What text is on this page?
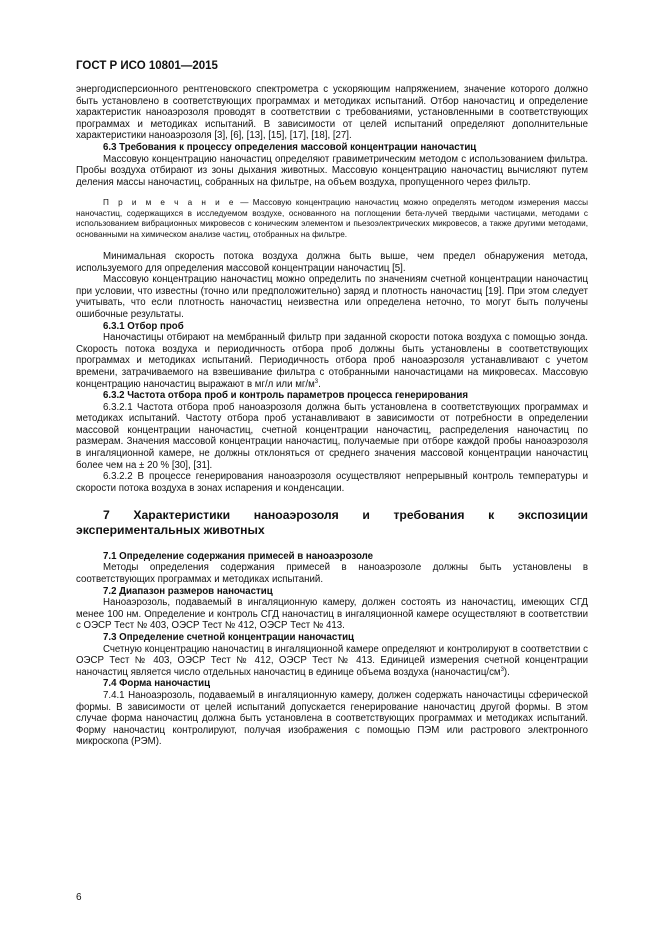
ГОСТ Р ИСО 10801—2015

энергодисперсионного рентгеновского спектрометра с ускоряющим напряжением, значение которого должно быть установлено в соответствующих программах и методиках испытаний. Отбор наночастиц и определение характеристик наноаэрозоля проводят в соответствии с требованиями, установленными в соответствующих программах и методиках испытаний. В зависимости от целей испытаний определяют дополнительные характеристики наноаэрозоля [3], [6], [13], [15], [17], [18], [27].

6.3 Требования к процессу определения массовой концентрации наночастиц

Массовую концентрацию наночастиц определяют гравиметрическим методом с использованием фильтра. Пробы воздуха отбирают из зоны дыхания животных. Массовую концентрацию наночастиц вычисляют путем деления массы наночастиц, собранных на фильтре, на объем воздуха, пропущенного через фильтр.

П р и м е ч а н и е — Массовую концентрацию наночастиц можно определять методом измерения массы наночастиц, содержащихся в исследуемом воздухе, основанного на поглощении бета-лучей твердыми частицами, методами с использованием вибрационных микровесов с коническим элементом и пьезоэлектрических микровесов, а также другими методами, основанными на химическом анализе частиц, отобранных на фильтре.

Минимальная скорость потока воздуха должна быть выше, чем предел обнаружения метода, используемого для определения массовой концентрации наночастиц [5].

Массовую концентрацию наночастиц можно определить по значениям счетной концентрации наночастиц при условии, что известны (точно или предположительно) заряд и плотность наночастиц [19]. При этом следует учитывать, что если плотность наночастиц неизвестна или определена неточно, то могут быть получены ошибочные результаты.

6.3.1 Отбор проб

Наночастицы отбирают на мембранный фильтр при заданной скорости потока воздуха с помощью зонда. Скорость потока воздуха и периодичность отбора проб должны быть установлены в соответствующих программах и методиках испытаний. Периодичность отбора проб наноаэрозоля устанавливают с учетом времени, затрачиваемого на взвешивание фильтра с отобранными наночастицами на микровесах. Массовую концентрацию наночастиц выражают в мг/л или $мг/м^3$.

6.3.2 Частота отбора проб и контроль параметров процесса генерирования

6.3.2.1 Частота отбора проб наноаэрозоля должна быть установлена в соответствующих программах и методиках испытаний. Частоту отбора проб устанавливают в зависимости от потребности в определении массовой концентрации наночастиц, счетной концентрации наночастиц, распределения наночастиц по размерам. Значения массовой концентрации наночастиц, получаемые при отборе каждой пробы наноаэрозоля в ингаляционной камере, не должны отклоняться от среднего значения массовой концентрации наночастиц более чем на ± 20 % [30], [31].

6.3.2.2 В процессе генерирования наноаэрозоля осуществляют непрерывный контроль температуры и скорости потока воздуха в зонах испарения и конденсации.

7 Характеристики наноаэрозоля и требования к экспозиции экспериментальных животных

7.1 Определение содержания примесей в наноаэрозоле

Методы определения содержания примесей в наноаэрозоле должны быть установлены в соответствующих программах и методиках испытаний.

7.2 Диапазон размеров наночастиц

Наноаэрозоль, подаваемый в ингаляционную камеру, должен состоять из наночастиц, имеющих СГД менее 100 нм. Определение и контроль СГД наночастиц в ингаляционной камере осуществляют в соответствии с ОЭСР Тест № 403, ОЭСР Тест № 412, ОЭСР Тест № 413.

7.3 Определение счетной концентрации наночастиц

Счетную концентрацию наночастиц в ингаляционной камере определяют и контролируют в соответствии с ОЭСР Тест № 403, ОЭСР Тест № 412, ОЭСР Тест № 413. Единицей измерения счетной концентрации наночастиц является число отдельных наночастиц в единице объема воздуха $(наночастиц/см^3)$.

7.4 Форма наночастиц

7.4.1 Наноаэрозоль, подаваемый в ингаляционную камеру, должен содержать наночастицы сферической формы. В зависимости от целей испытаний допускается генерирование наночастиц другой формы. В этом случае форма наночастиц должна быть установлена в соответствующих программах и методиках испытаний. Форму наночастиц контролируют, получая изображения с помощью ПЭМ или растрового электронного микроскопа (РЭМ).

6
